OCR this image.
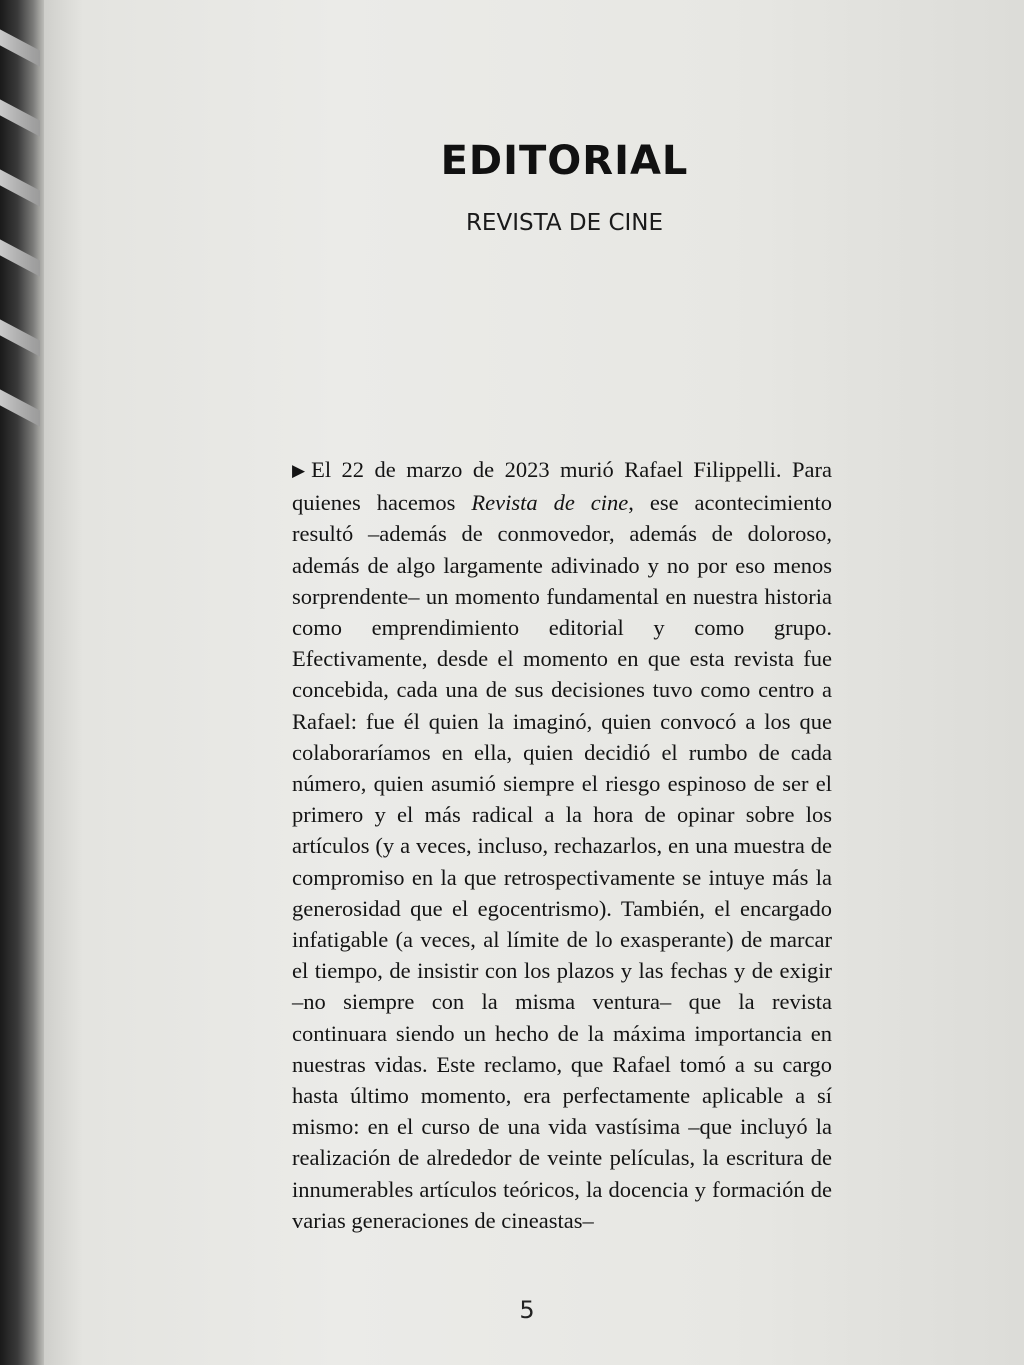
EDITORIAL
REVISTA DE CINE

▶ El 22 de marzo de 2023 murió Rafael Filippelli. Para quienes hacemos Revista de cine, ese acontecimiento resultó –además de conmovedor, además de doloroso, además de algo largamente adivinado y no por eso menos sorprendente– un momento fundamental en nuestra historia como emprendimiento editorial y como grupo. Efectivamente, desde el momento en que esta revista fue concebida, cada una de sus decisiones tuvo como centro a Rafael: fue él quien la imaginó, quien convocó a los que colaboraríamos en ella, quien decidió el rumbo de cada número, quien asumió siempre el riesgo espinoso de ser el primero y el más radical a la hora de opinar sobre los artículos (y a veces, incluso, rechazarlos, en una muestra de compromiso en la que retrospectivamente se intuye más la generosidad que el egocentrismo). También, el encargado infatigable (a veces, al límite de lo exasperante) de marcar el tiempo, de insistir con los plazos y las fechas y de exigir –no siempre con la misma ventura– que la revista continuara siendo un hecho de la máxima importancia en nuestras vidas. Este reclamo, que Rafael tomó a su cargo hasta último momento, era perfectamente aplicable a sí mismo: en el curso de una vida vastísima –que incluyó la realización de alrededor de veinte películas, la escritura de innumerables artículos teóricos, la docencia y formación de varias generaciones de cineastas–

5
